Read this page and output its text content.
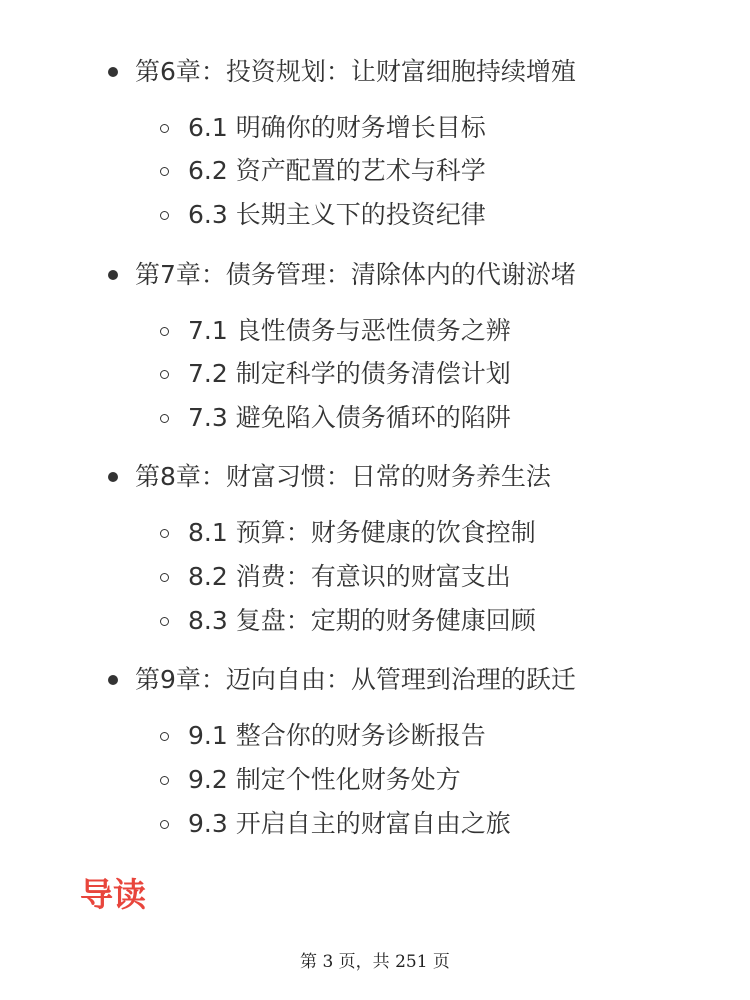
第6章：投资规划：让财富细胞持续增殖
6.1 明确你的财务增长目标
6.2 资产配置的艺术与科学
6.3 长期主义下的投资纪律
第7章：债务管理：清除体内的代谢淤堵
7.1 良性债务与恶性债务之辨
7.2 制定科学的债务清偿计划
7.3 避免陷入债务循环的陷阱
第8章：财富习惯：日常的财务养生法
8.1 预算：财务健康的饮食控制
8.2 消费：有意识的财富支出
8.3 复盘：定期的财务健康回顾
第9章：迈向自由：从管理到治理的跃迁
9.1 整合你的财务诊断报告
9.2 制定个性化财务处方
9.3 开启自主的财富自由之旅
导读
第 3 页，共 251 页
